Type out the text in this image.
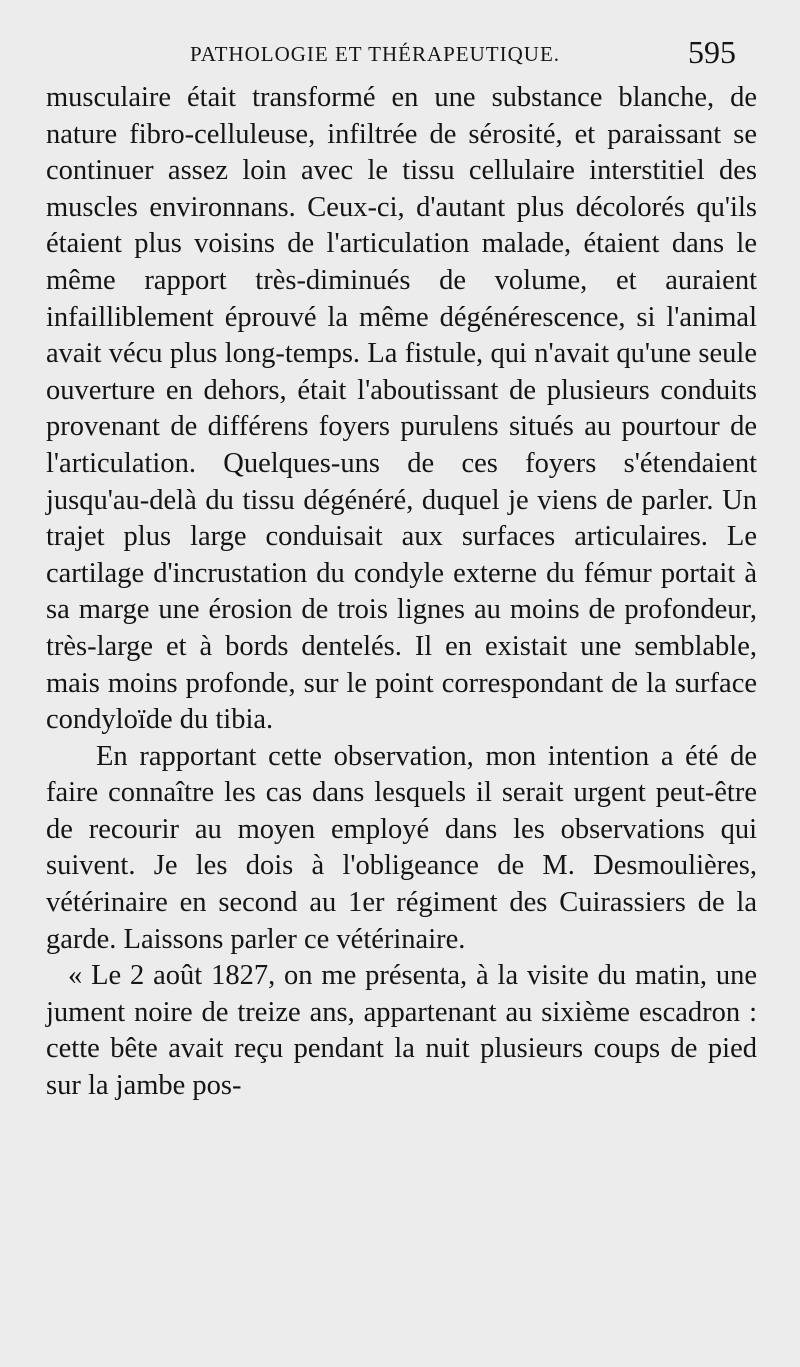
PATHOLOGIE ET THÉRAPEUTIQUE.	595

musculaire était transformé en une substance blanche, de nature fibro-celluleuse, infiltrée de sérosité, et paraissant se continuer assez loin avec le tissu cellulaire interstitiel des muscles environnans. Ceux-ci, d'autant plus décolorés qu'ils étaient plus voisins de l'articulation malade, étaient dans le même rapport très-diminués de volume, et auraient infailliblement éprouvé la même dégénérescence, si l'animal avait vécu plus long-temps. La fistule, qui n'avait qu'une seule ouverture en dehors, était l'aboutissant de plusieurs conduits provenant de différens foyers purulens situés au pourtour de l'articulation. Quelques-uns de ces foyers s'étendaient jusqu'au-delà du tissu dégénéré, duquel je viens de parler. Un trajet plus large conduisait aux surfaces articulaires. Le cartilage d'incrustation du condyle externe du fémur portait à sa marge une érosion de trois lignes au moins de profondeur, très-large et à bords dentelés. Il en existait une semblable, mais moins profonde, sur le point correspondant de la surface condyloïde du tibia.

En rapportant cette observation, mon intention a été de faire connaître les cas dans lesquels il serait urgent peut-être de recourir au moyen employé dans les observations qui suivent. Je les dois à l'obligeance de M. Desmoulières, vétérinaire en second au 1er régiment des Cuirassiers de la garde. Laissons parler ce vétérinaire.

« Le 2 août 1827, on me présenta, à la visite du matin, une jument noire de treize ans, appartenant au sixième escadron : cette bête avait reçu pendant la nuit plusieurs coups de pied sur la jambe pos-
